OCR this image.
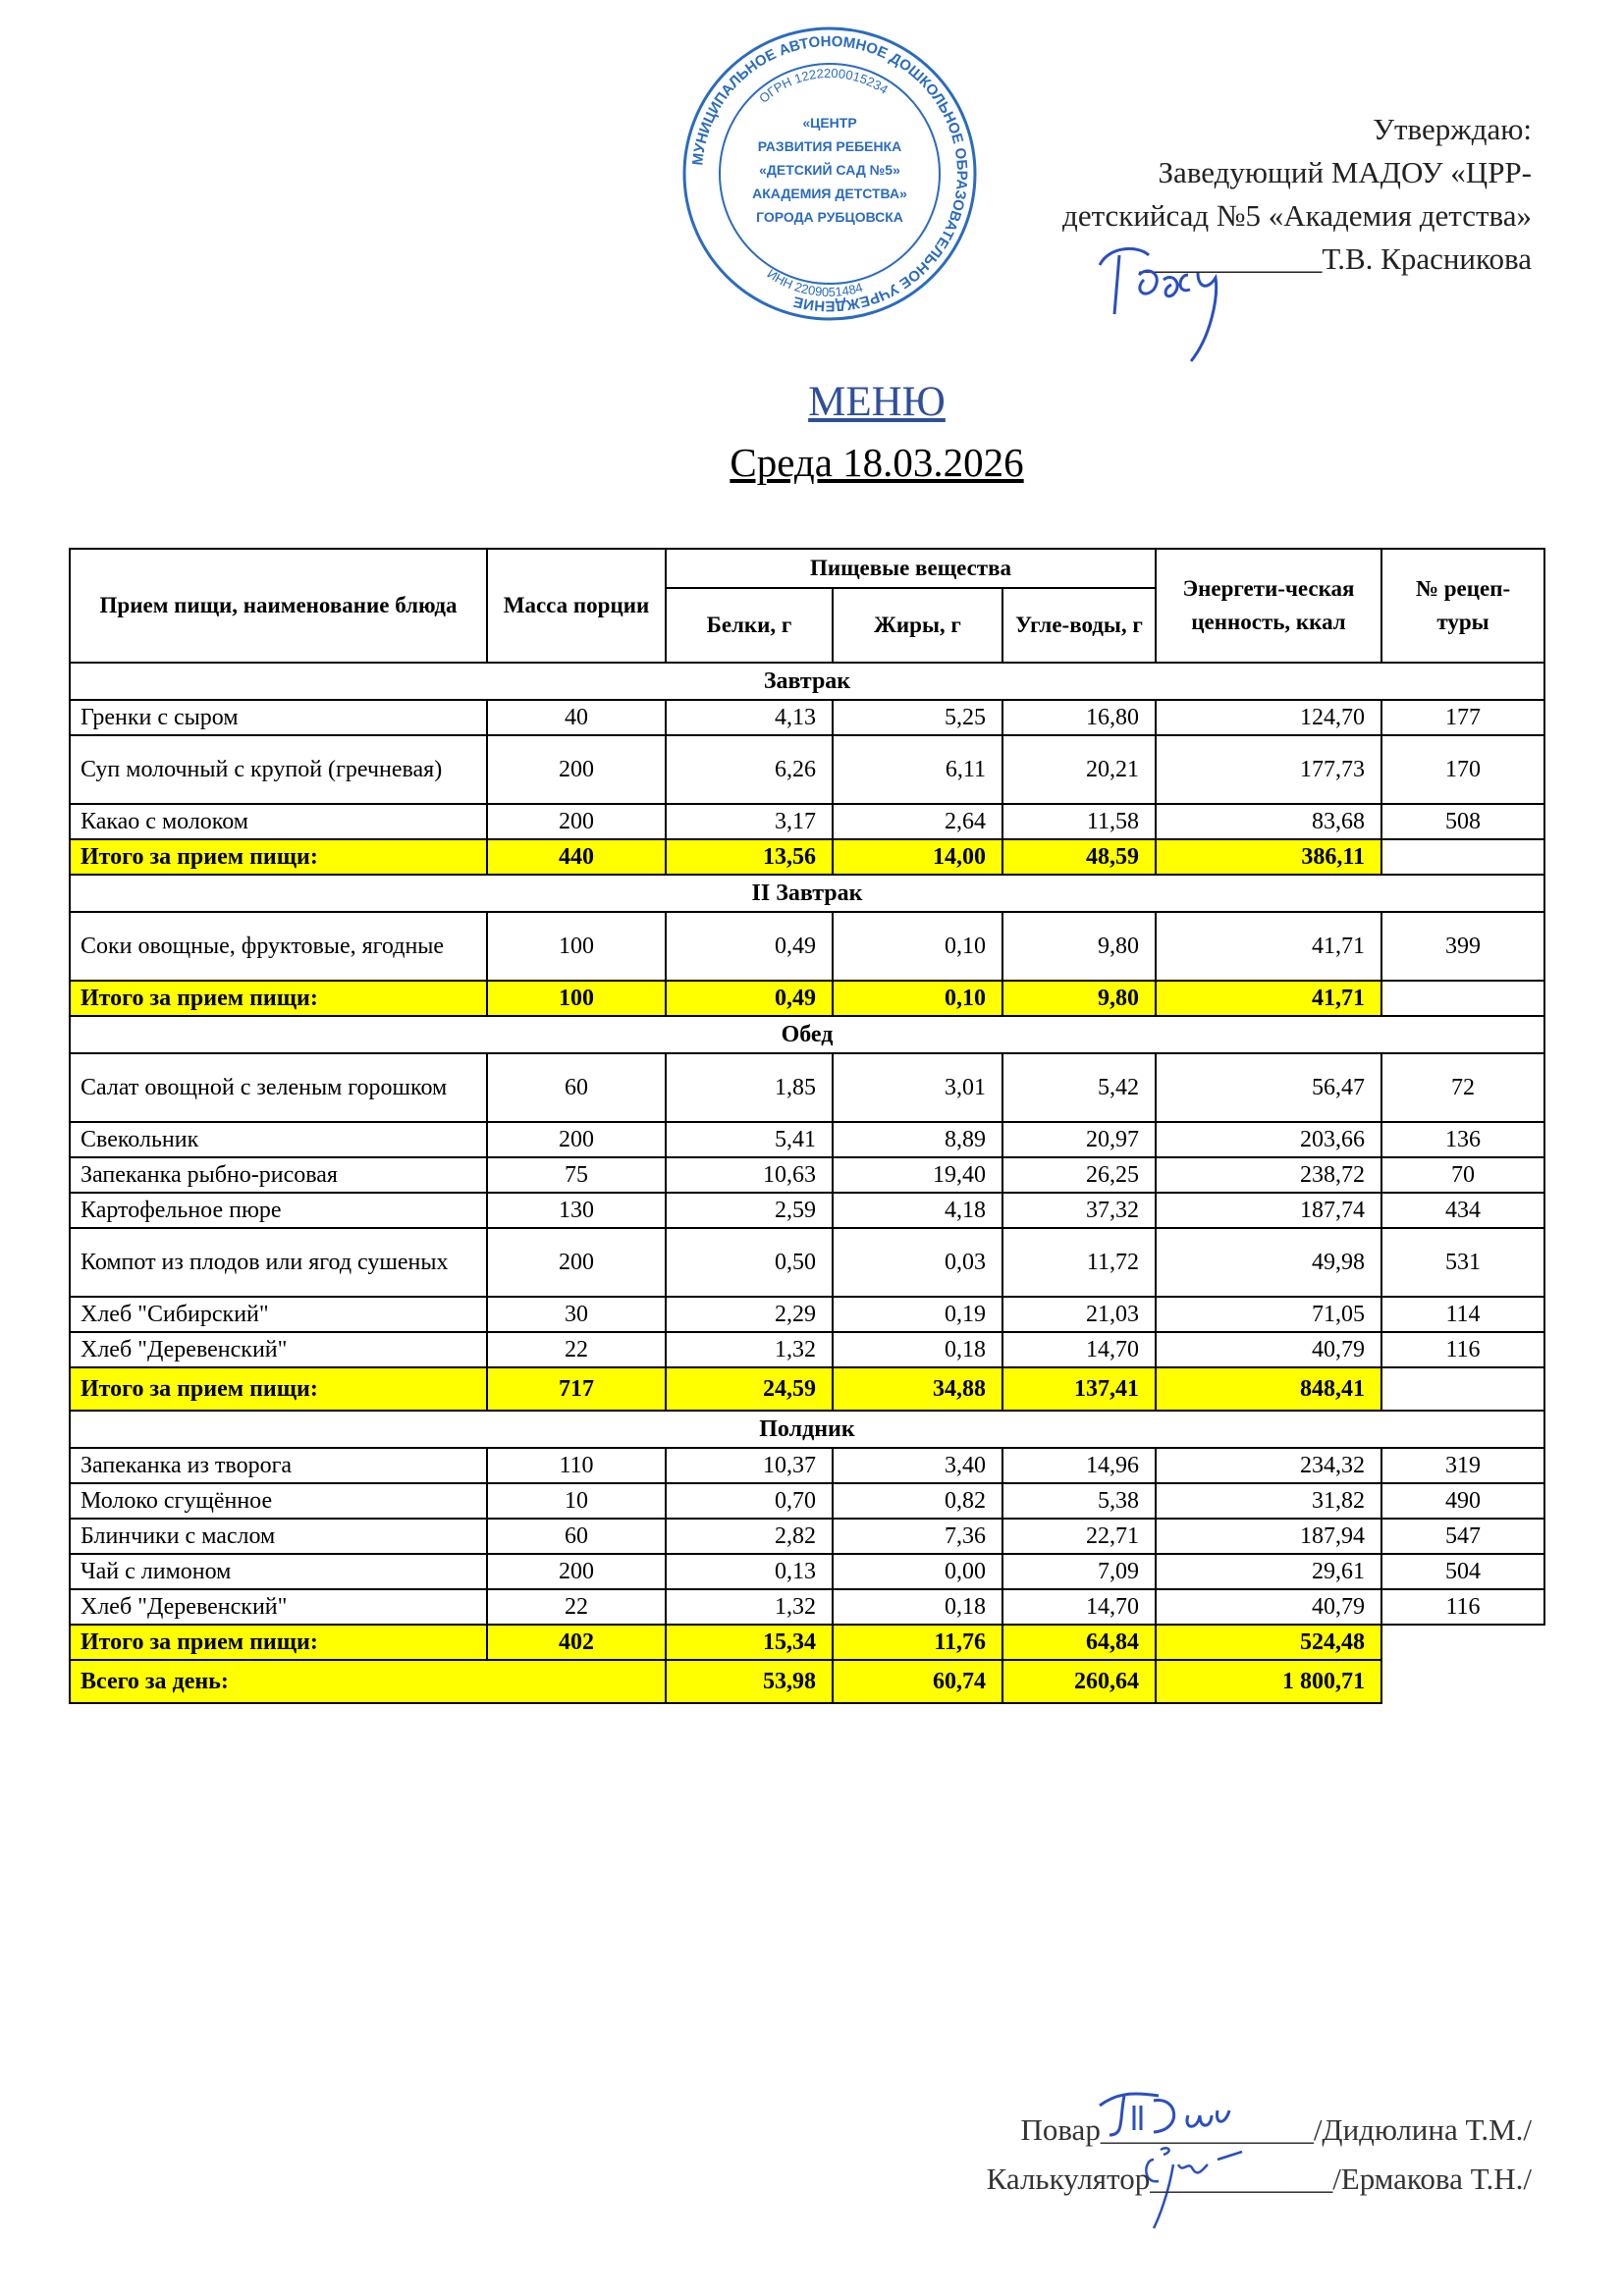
МУНИЦИПАЛЬНОЕ АВТОНОМНОЕ ДОШКОЛЬНОЕ ОБРАЗОВАТЕЛЬНОЕ УЧРЕЖДЕНИЕ
ОГРН 1222200015234
ИНН 2209051484
«ЦЕНТР
РАЗВИТИЯ РЕБЕНКА
«ДЕТСКИЙ САД №5»
АКАДЕМИЯ ДЕТСТВА»
ГОРОДА РУБЦОВСКА
Утверждаю:
Заведующий МАДОУ «ЦРР-
детскийсад №5 «Академия детства»
____________Т.В. Красникова
МЕНЮ
Среда 18.03.2026
Прием пищи, наименование блюда	Масса порции	Пищевые вещества			Энергети-ческая ценность, ккал	№ рецеп-туры
		Белки, г	Жиры, г	Угле-воды, г		
Завтрак						
Гренки с сыром	40	4,13	5,25	16,80	124,70	177
Суп молочный с крупой (гречневая)	200	6,26	6,11	20,21	177,73	170
Какао с молоком	200	3,17	2,64	11,58	83,68	508
Итого за прием пищи:	440	13,56	14,00	48,59	386,11	
II Завтрак						
Соки овощные, фруктовые, ягодные	100	0,49	0,10	9,80	41,71	399
Итого за прием пищи:	100	0,49	0,10	9,80	41,71	
Обед						
Салат овощной с зеленым горошком	60	1,85	3,01	5,42	56,47	72
Свекольник	200	5,41	8,89	20,97	203,66	136
Запеканка рыбно-рисовая	75	10,63	19,40	26,25	238,72	70
Картофельное пюре	130	2,59	4,18	37,32	187,74	434
Компот из плодов или ягод сушеных	200	0,50	0,03	11,72	49,98	531
Хлеб "Сибирский"	30	2,29	0,19	21,03	71,05	114
Хлеб "Деревенский"	22	1,32	0,18	14,70	40,79	116
Итого за прием пищи:	717	24,59	34,88	137,41	848,41	
Полдник						
Запеканка из творога	110	10,37	3,40	14,96	234,32	319
Молоко сгущённое	10	0,70	0,82	5,38	31,82	490
Блинчики с маслом	60	2,82	7,36	22,71	187,94	547
Чай с лимоном	200	0,13	0,00	7,09	29,61	504
Хлеб "Деревенский"	22	1,32	0,18	14,70	40,79	116
Итого за прием пищи:	402	15,34	11,76	64,84	524,48	
Всего за день:		53,98	60,74	260,64	1 800,71	
Повар______________/Дидюлина Т.М./
Калькулятор____________/Ермакова Т.Н./
